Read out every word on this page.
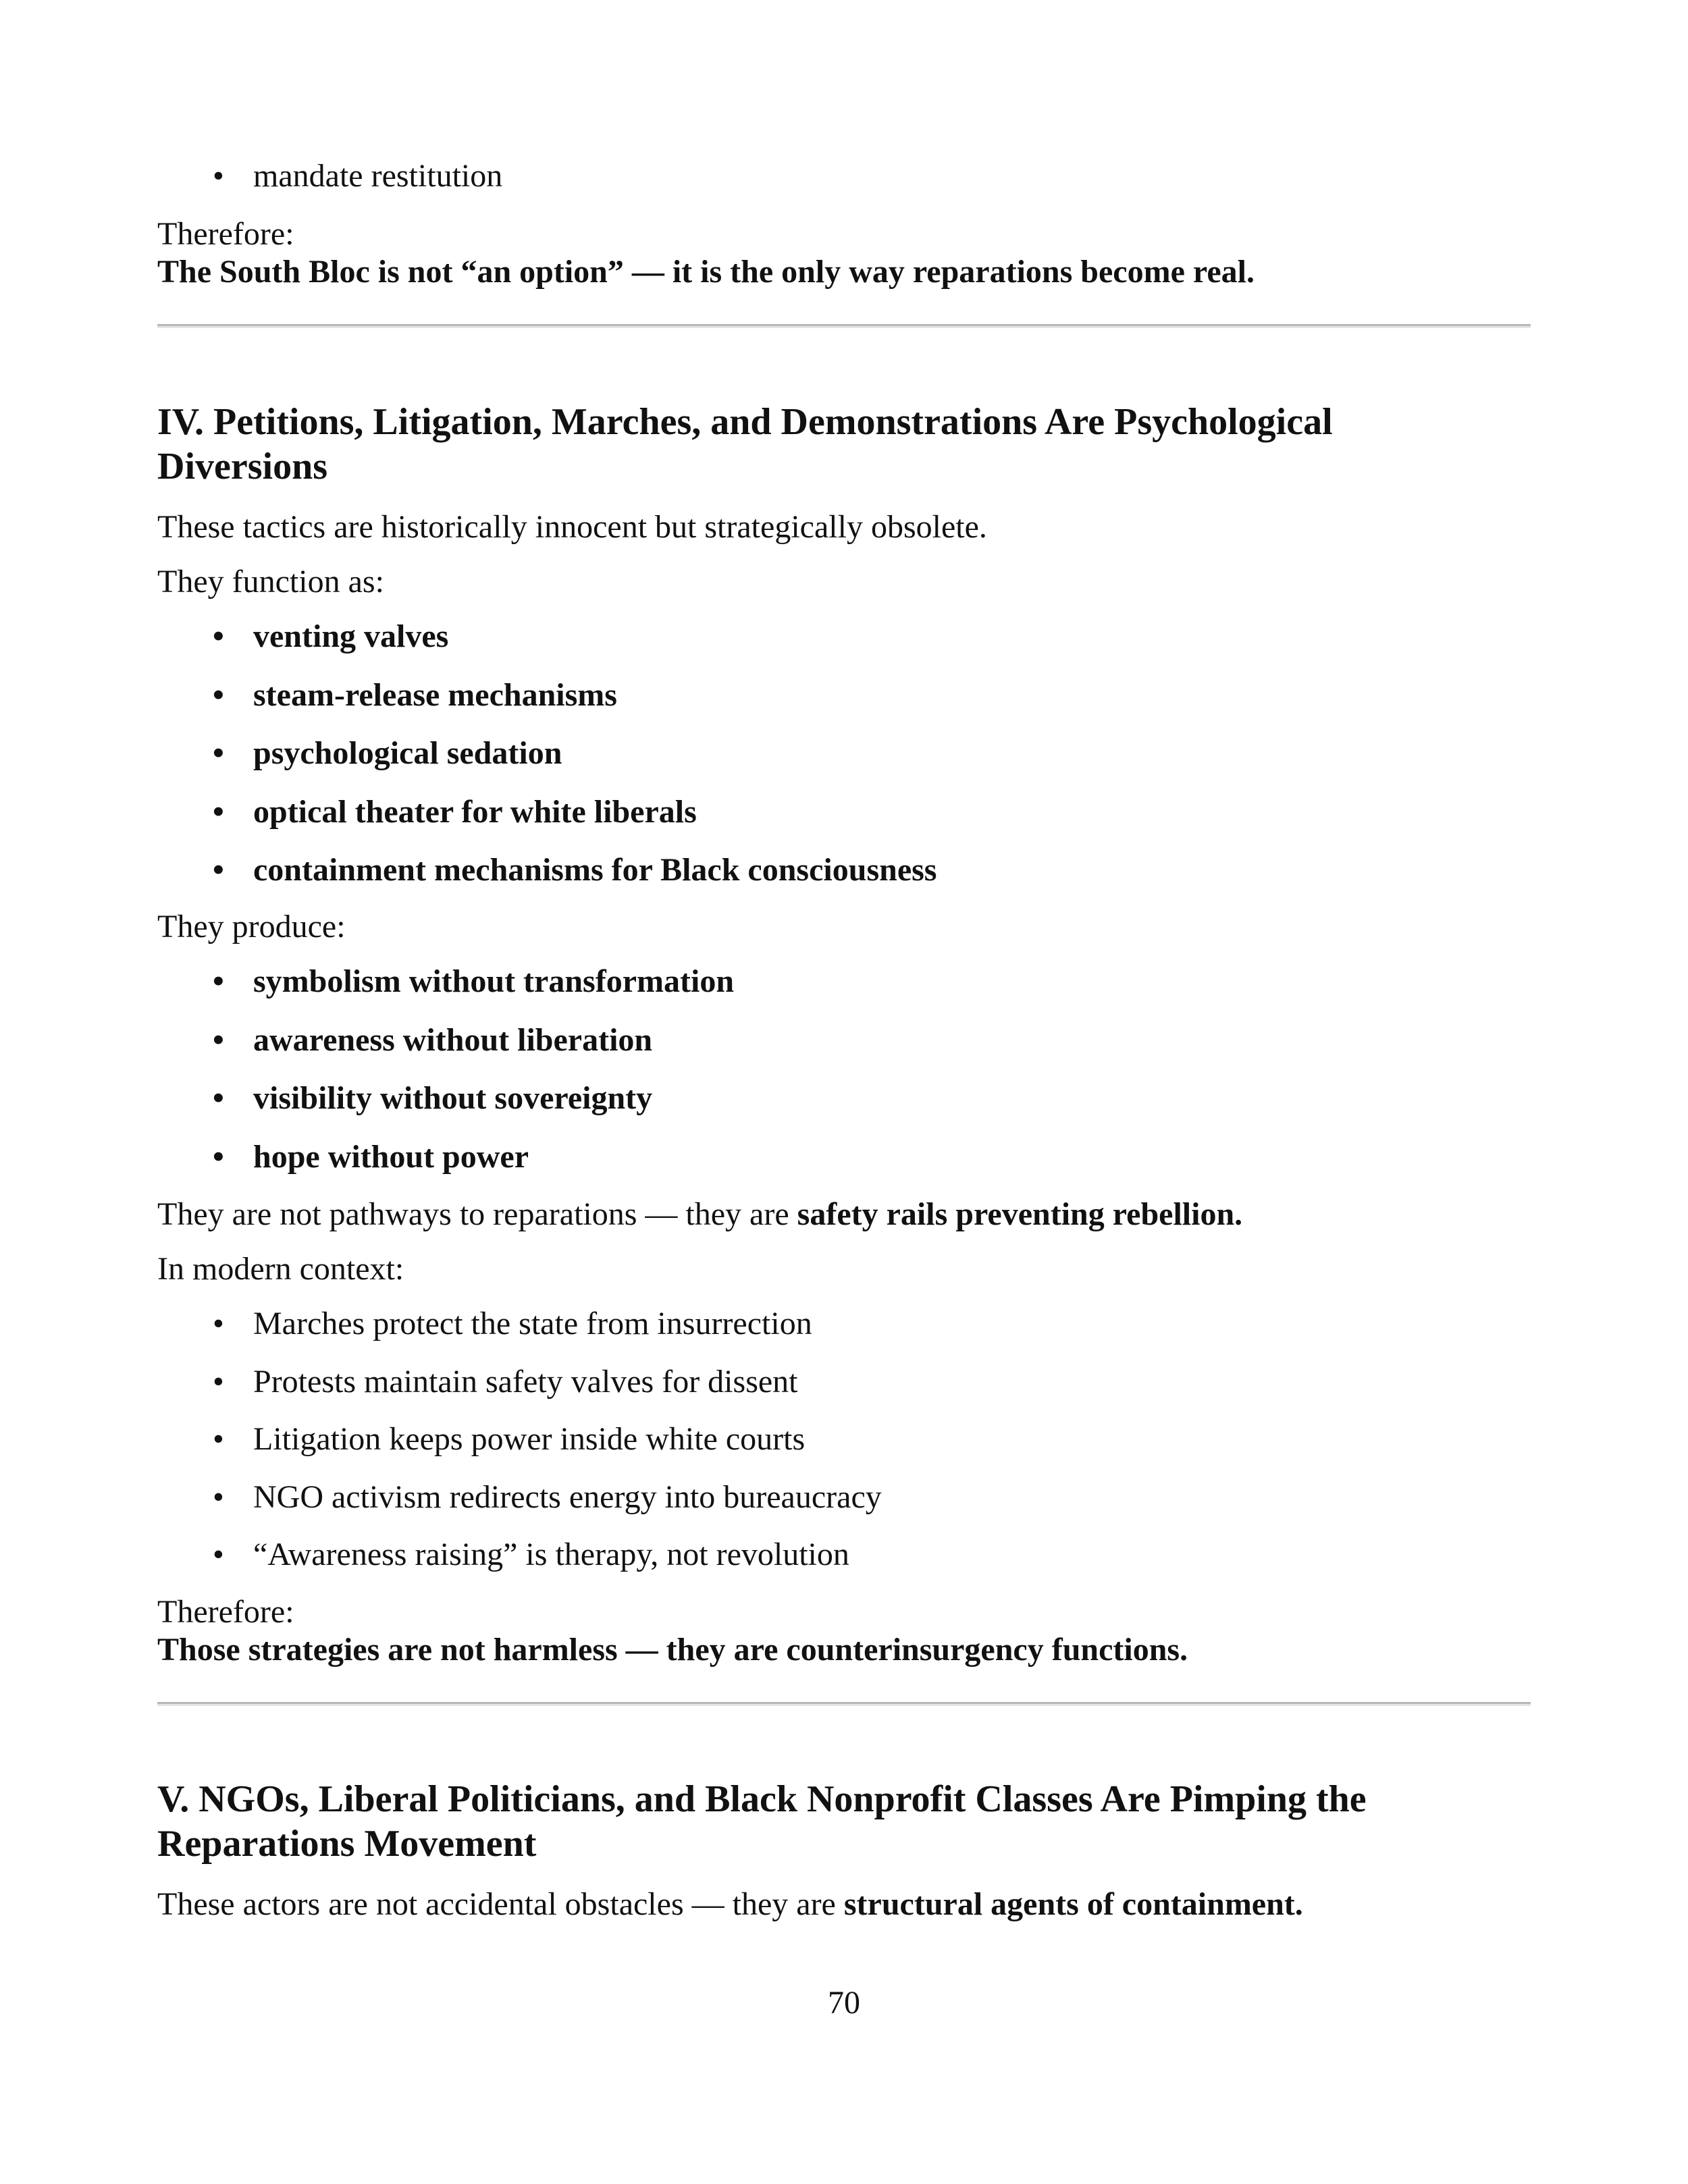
• mandate restitution

Therefore:

The South Bloc is not “an option” — it is the only way reparations become real.

IV. Petitions, Litigation, Marches, and Demonstrations Are Psychological
Diversions

These tactics are historically innocent but strategically obsolete.

They function as:

• venting valves
• steam-release mechanisms
• psychological sedation
• optical theater for white liberals
• containment mechanisms for Black consciousness

They produce:

• symbolism without transformation
• awareness without liberation
• visibility without sovereignty
• hope without power

They are not pathways to reparations — they are safety rails preventing rebellion.

In modern context:

• Marches protect the state from insurrection
• Protests maintain safety valves for dissent
• Litigation keeps power inside white courts
• NGO activism redirects energy into bureaucracy
• “Awareness raising” is therapy, not revolution

Therefore:

Those strategies are not harmless — they are counterinsurgency functions.

V. NGOs, Liberal Politicians, and Black Nonprofit Classes Are Pimping the
Reparations Movement

These actors are not accidental obstacles — they are structural agents of containment.

70
